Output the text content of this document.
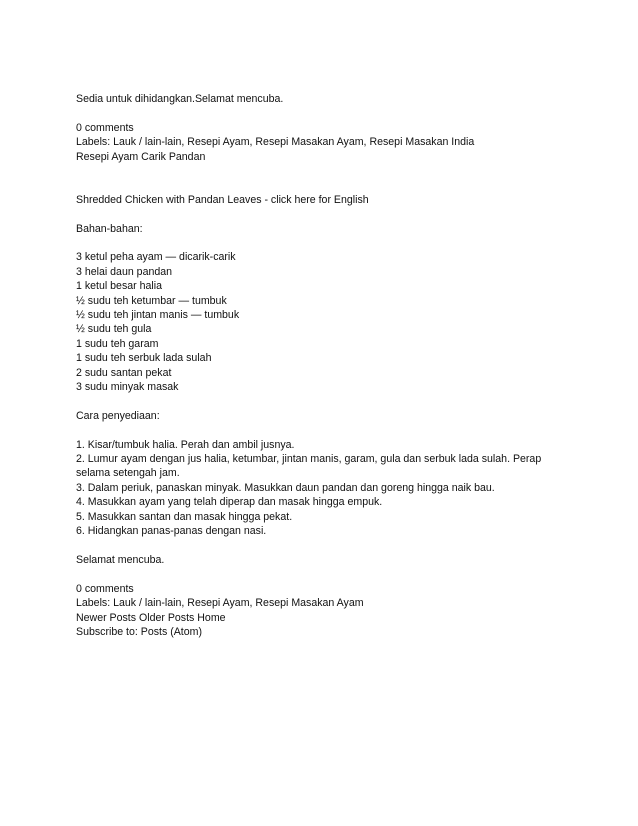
Sedia untuk dihidangkan.Selamat mencuba.
0 comments
Labels: Lauk / lain-lain, Resepi Ayam, Resepi Masakan Ayam, Resepi Masakan India
Resepi Ayam Carik Pandan
Shredded Chicken with Pandan Leaves - click here for English
Bahan-bahan:
3 ketul peha ayam — dicarik-carik
3 helai daun pandan
1 ketul besar halia
½ sudu teh ketumbar — tumbuk
½ sudu teh jintan manis — tumbuk
½ sudu teh gula
1 sudu teh garam
1 sudu teh serbuk lada sulah
2 sudu santan pekat
3 sudu minyak masak
Cara penyediaan:
1. Kisar/tumbuk halia. Perah dan ambil jusnya.
2. Lumur ayam dengan jus halia, ketumbar, jintan manis, garam, gula dan serbuk lada sulah. Perap selama setengah jam.
3. Dalam periuk, panaskan minyak. Masukkan daun pandan dan goreng hingga naik bau.
4. Masukkan ayam yang telah diperap dan masak hingga empuk.
5. Masukkan santan dan masak hingga pekat.
6. Hidangkan panas-panas dengan nasi.
Selamat mencuba.
0 comments
Labels: Lauk / lain-lain, Resepi Ayam, Resepi Masakan Ayam
Newer Posts Older Posts Home
Subscribe to: Posts (Atom)
